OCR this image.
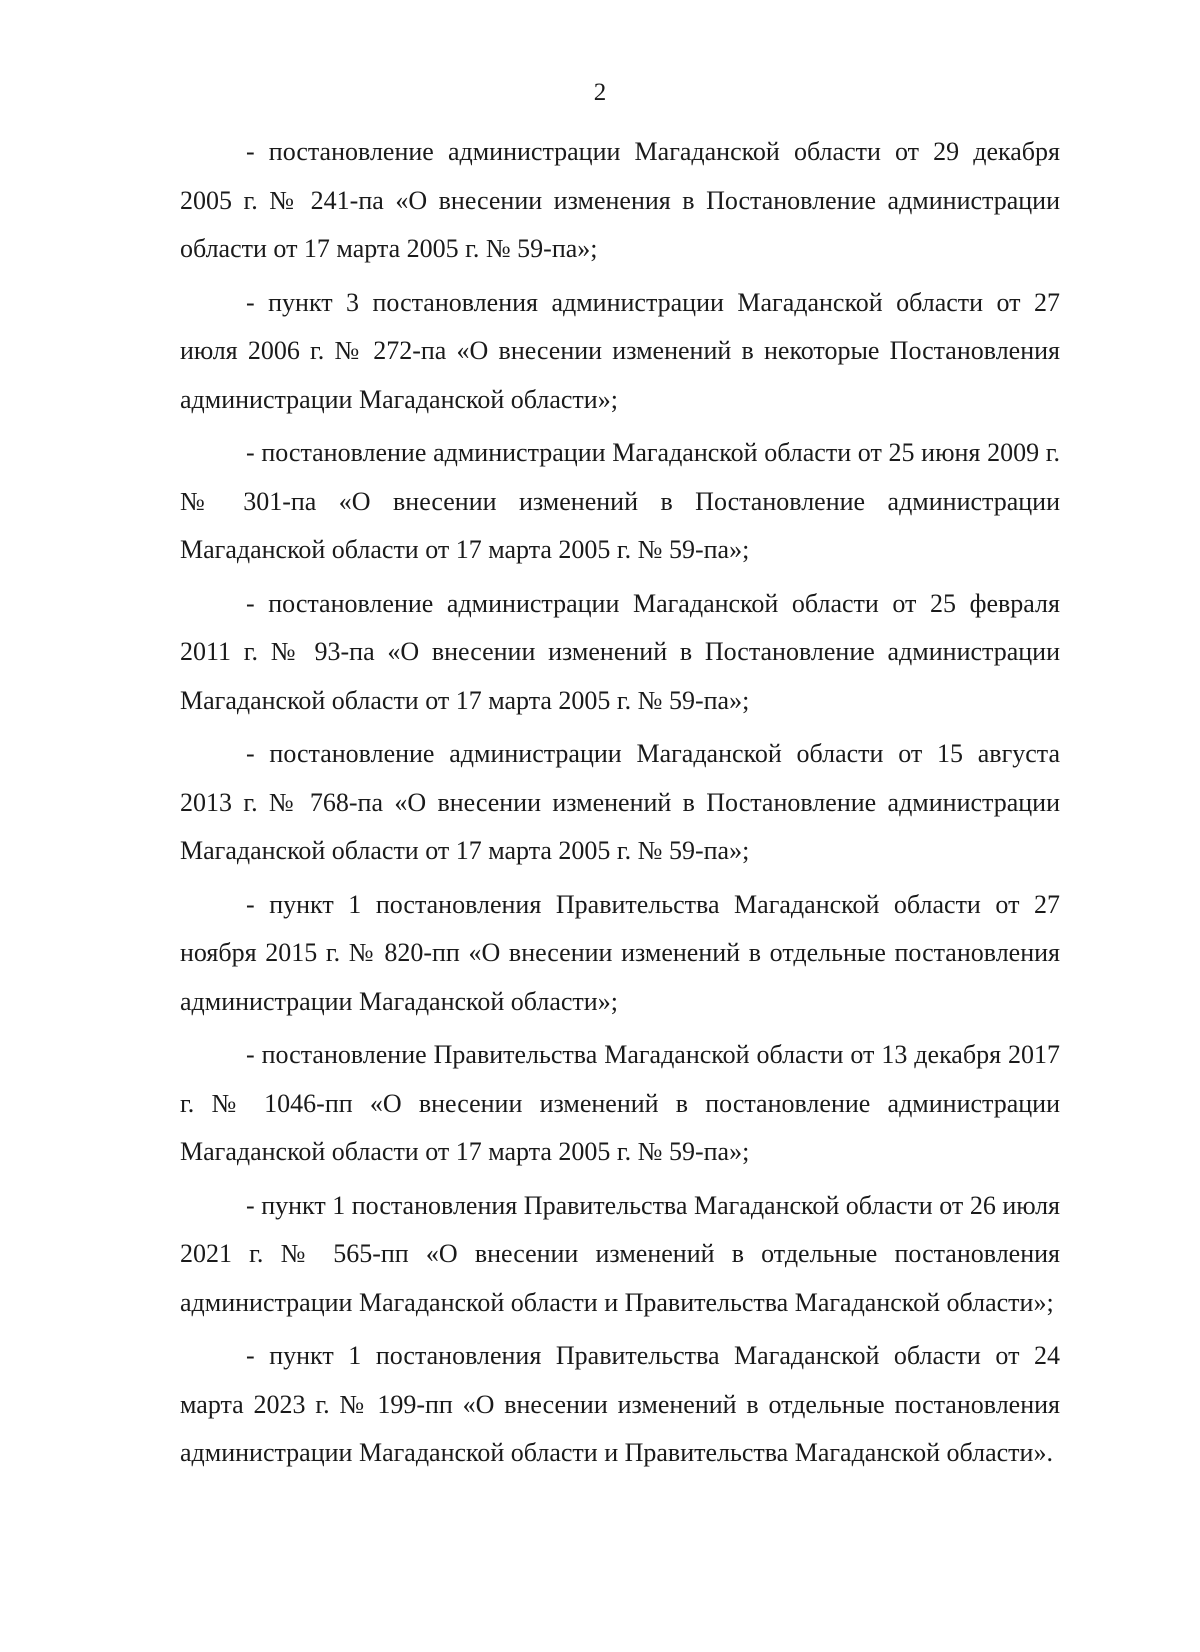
2

- постановление администрации Магаданской области от 29 декабря 2005 г. № 241-па «О внесении изменения в Постановление администрации области от 17 марта 2005 г. № 59-па»;

- пункт 3 постановления администрации Магаданской области от 27 июля 2006 г. № 272-па «О внесении изменений в некоторые Постановления администрации Магаданской области»;

- постановление администрации Магаданской области от 25 июня 2009 г. № 301-па «О внесении изменений в Постановление администрации Магаданской области от 17 марта 2005 г. № 59-па»;

- постановление администрации Магаданской области от 25 февраля 2011 г. № 93-па «О внесении изменений в Постановление администрации Магаданской области от 17 марта 2005 г. № 59-па»;

- постановление администрации Магаданской области от 15 августа 2013 г. № 768-па «О внесении изменений в Постановление администрации Магаданской области от 17 марта 2005 г. № 59-па»;

- пункт 1 постановления Правительства Магаданской области от 27 ноября 2015 г. № 820-пп «О внесении изменений в отдельные постановления администрации Магаданской области»;

- постановление Правительства Магаданской области от 13 декабря 2017 г. № 1046-пп «О внесении изменений в постановление администрации Магаданской области от 17 марта 2005 г. № 59-па»;

- пункт 1 постановления Правительства Магаданской области от 26 июля 2021 г. № 565-пп «О внесении изменений в отдельные постановления администрации Магаданской области и Правительства Магаданской области»;

- пункт 1 постановления Правительства Магаданской области от 24 марта 2023 г. № 199-пп «О внесении изменений в отдельные постановления администрации Магаданской области и Правительства Магаданской области».
